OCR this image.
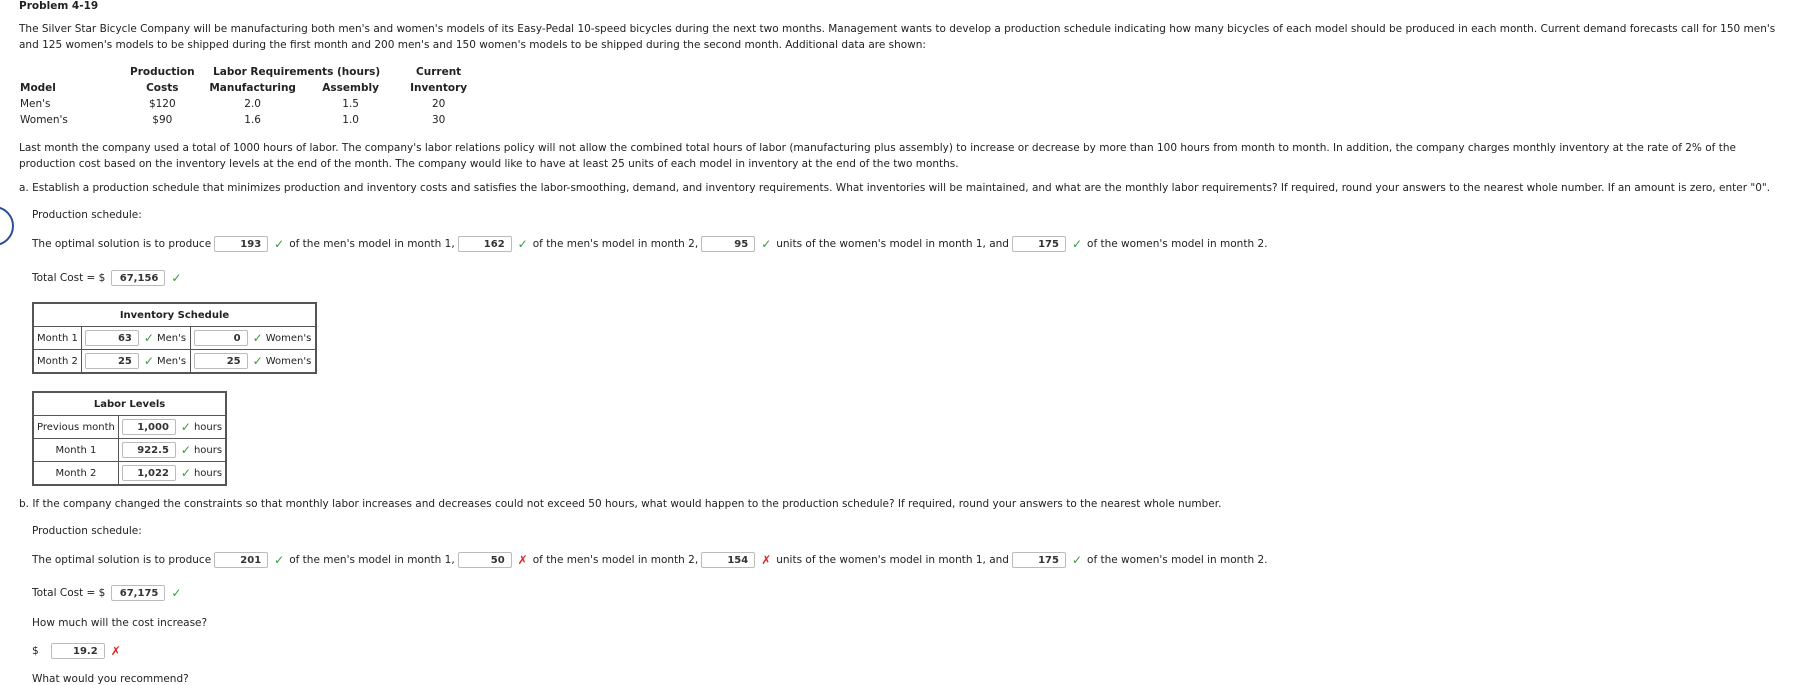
Problem 4-19

The Silver Star Bicycle Company will be manufacturing both men's and women's models of its Easy-Pedal 10-speed bicycles during the next two months. Management wants to develop a production schedule indicating how many bicycles of each model should be produced in each month. Current demand forecasts call for 150 men's and 125 women's models to be shipped during the first month and 200 men's and 150 women's models to be shipped during the second month. Additional data are shown:

	Production	Labor Requirements (hours)		Current
Model	Costs	Manufacturing	Assembly	Inventory
Men's	$120	2.0	1.5	20
Women's	$90	1.6	1.0	30

Last month the company used a total of 1000 hours of labor. The company's labor relations policy will not allow the combined total hours of labor (manufacturing plus assembly) to increase or decrease by more than 100 hours from month to month. In addition, the company charges monthly inventory at the rate of 2% of the production cost based on the inventory levels at the end of the month. The company would like to have at least 25 units of each model in inventory at the end of the two months.

a. Establish a production schedule that minimizes production and inventory costs and satisfies the labor-smoothing, demand, and inventory requirements. What inventories will be maintained, and what are the monthly labor requirements? If required, round your answers to the nearest whole number. If an amount is zero, enter "0".
Production schedule:
The optimal solution is to produce	193	✓ of the men's model in month 1,	162	✓ of the men's model in month 2,	95	✓ units of the women's model in month 1, and	175	✓ of the women's model in month 2.
Total Cost = $	67,156	✓
Inventory Schedule		
Month 1	63 ✓ Men's	0 ✓ Women's
Month 2	25 ✓ Men's	25 ✓ Women's
Labor Levels	
Previous month	1,000 ✓ hours
Month 1	922.5 ✓ hours
Month 2	1,022 ✓ hours
b. If the company changed the constraints so that monthly labor increases and decreases could not exceed 50 hours, what would happen to the production schedule? If required, round your answers to the nearest whole number.
Production schedule:
The optimal solution is to produce	201	✓ of the men's model in month 1,	50	✗ of the men's model in month 2,	154	✗ units of the women's model in month 1, and	175	✓ of the women's model in month 2.
Total Cost = $	67,175	✓
How much will the cost increase?
$	19.2	✗
What would you recommend?
